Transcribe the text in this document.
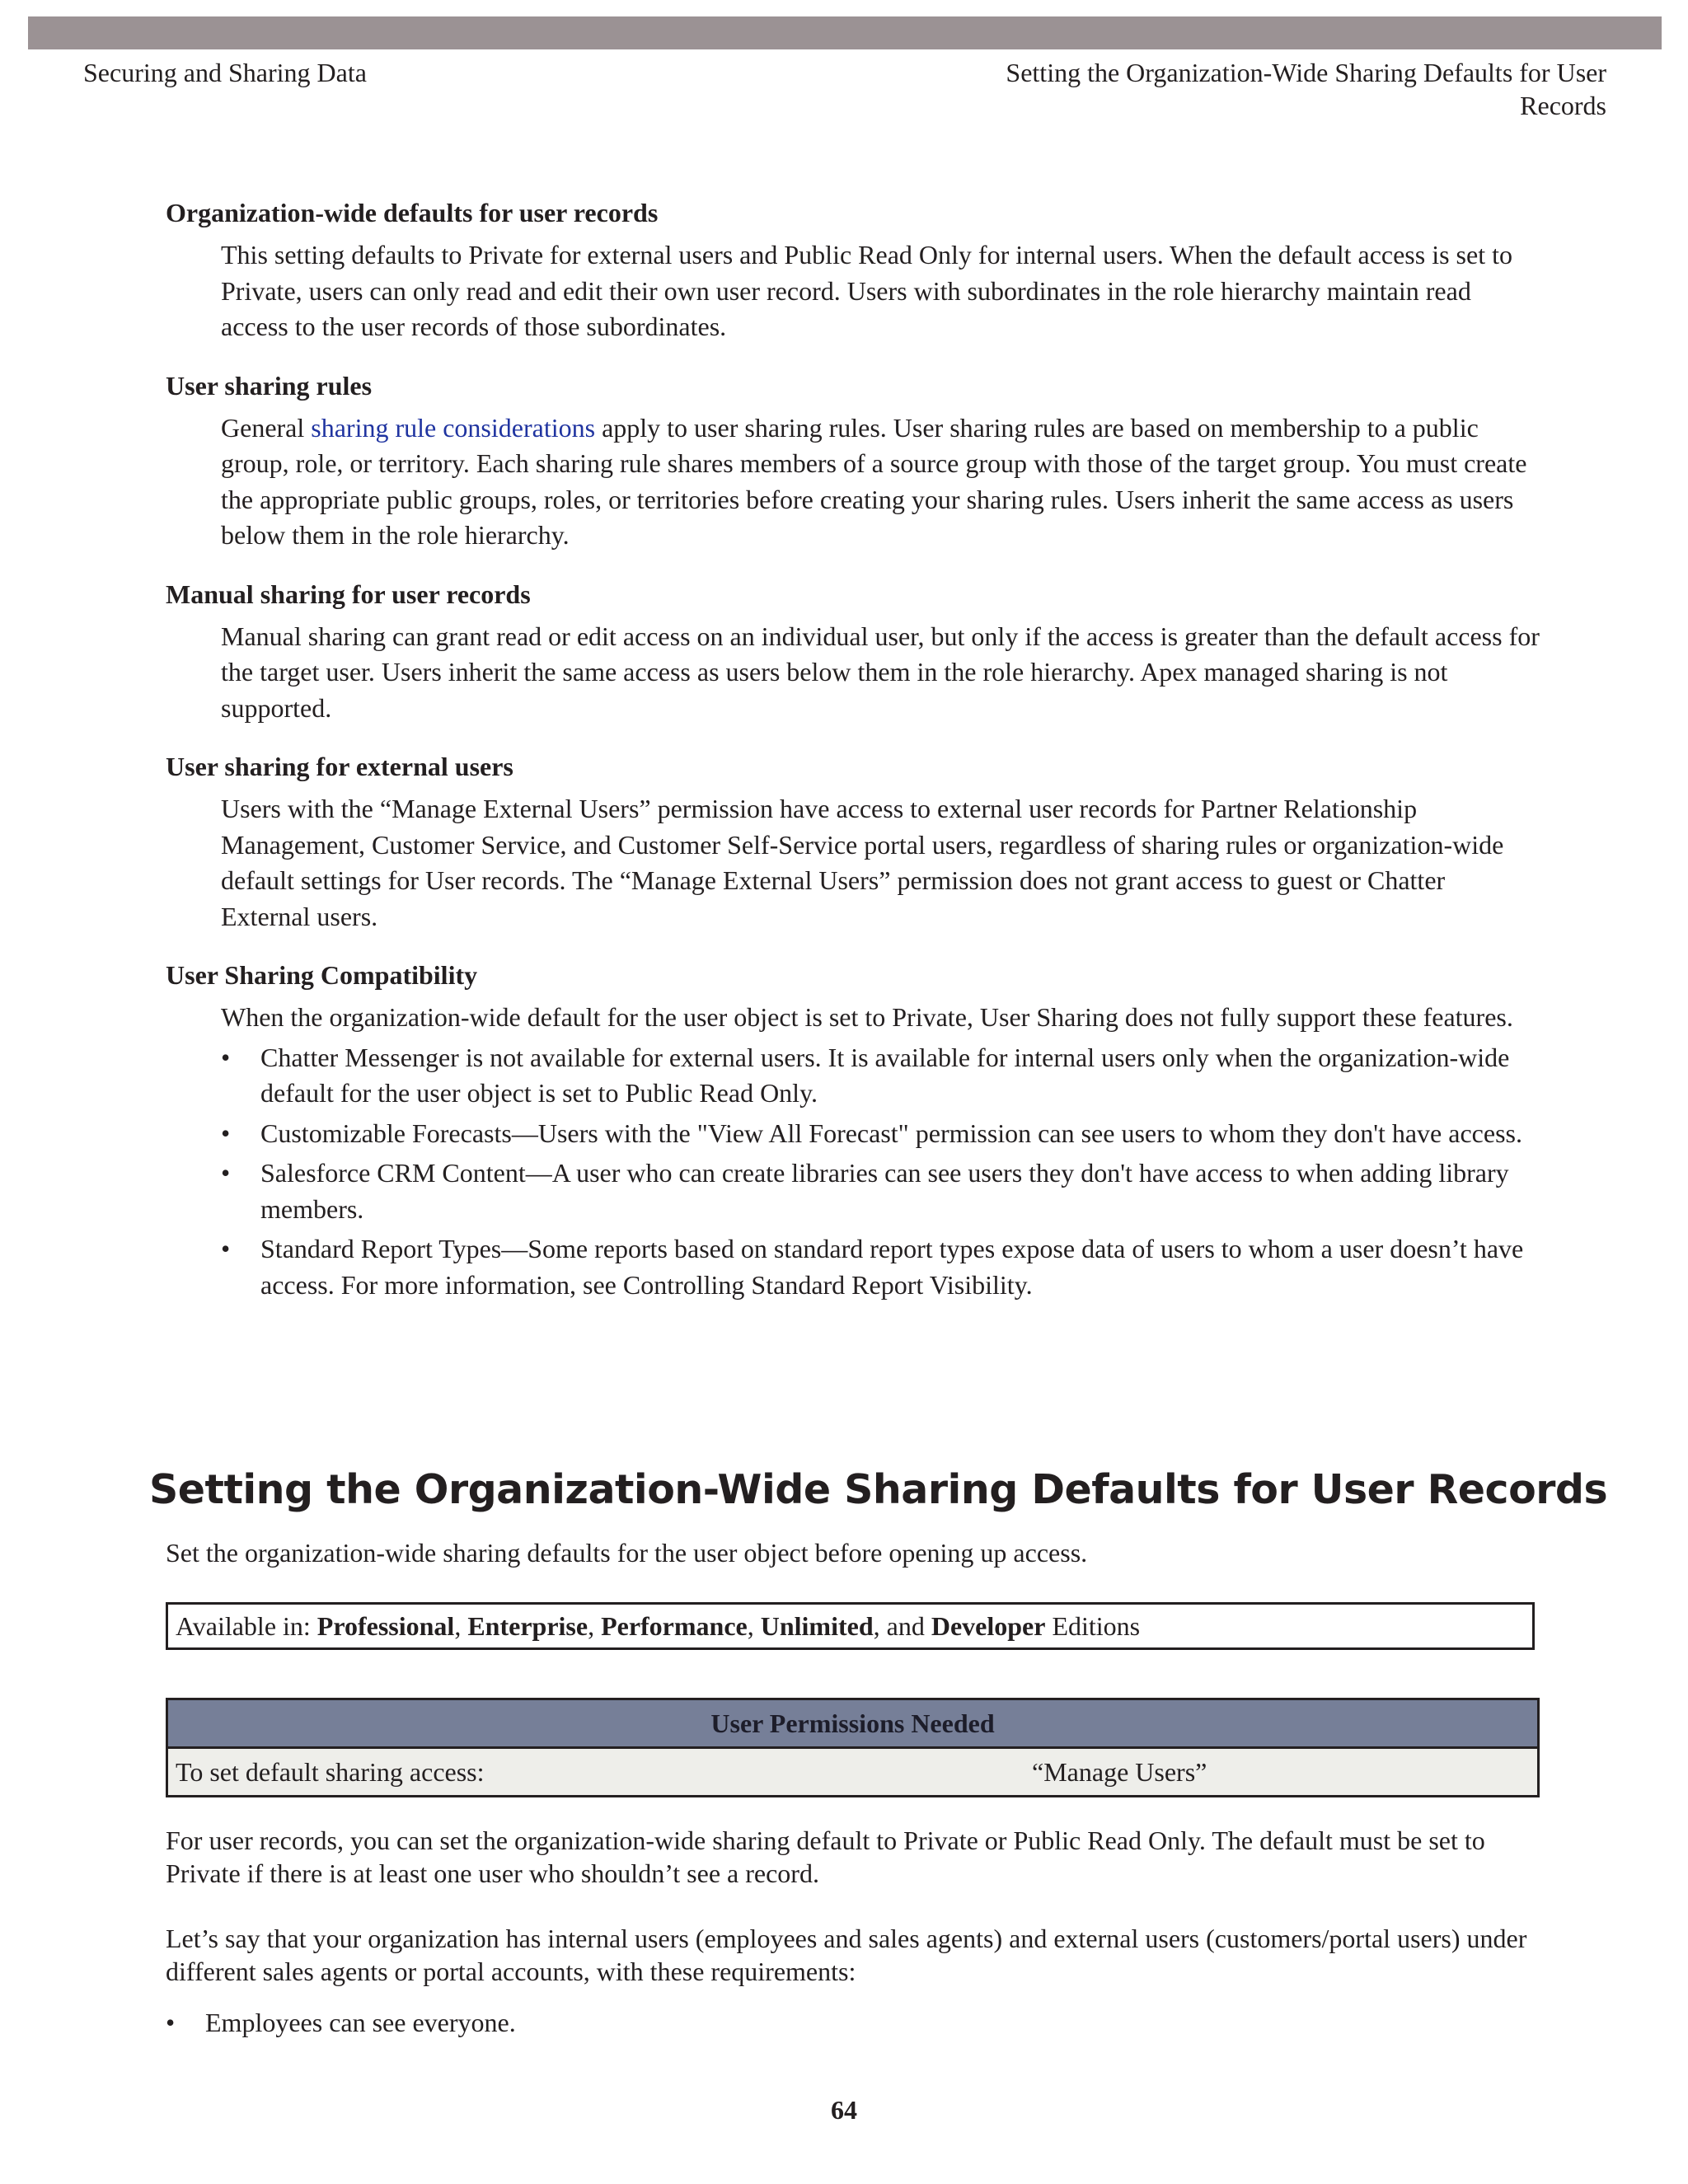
Securing and Sharing Data	Setting the Organization-Wide Sharing Defaults for User
Records
Organization-wide defaults for user records

This setting defaults to Private for external users and Public Read Only for internal users. When the default access is set to Private, users can only read and edit their own user record. Users with subordinates in the role hierarchy maintain read access to the user records of those subordinates.

User sharing rules

General sharing rule considerations apply to user sharing rules. User sharing rules are based on membership to a public group, role, or territory. Each sharing rule shares members of a source group with those of the target group. You must create the appropriate public groups, roles, or territories before creating your sharing rules. Users inherit the same access as users below them in the role hierarchy.

Manual sharing for user records

Manual sharing can grant read or edit access on an individual user, but only if the access is greater than the default access for the target user. Users inherit the same access as users below them in the role hierarchy. Apex managed sharing is not supported.

User sharing for external users

Users with the “Manage External Users” permission have access to external user records for Partner Relationship Management, Customer Service, and Customer Self-Service portal users, regardless of sharing rules or organization-wide default settings for User records. The “Manage External Users” permission does not grant access to guest or Chatter External users.

User Sharing Compatibility

When the organization-wide default for the user object is set to Private, User Sharing does not fully support these features.

• Chatter Messenger is not available for external users. It is available for internal users only when the organization-wide default for the user object is set to Public Read Only.
• Customizable Forecasts—Users with the "View All Forecast" permission can see users to whom they don't have access.
• Salesforce CRM Content—A user who can create libraries can see users they don't have access to when adding library members.
• Standard Report Types—Some reports based on standard report types expose data of users to whom a user doesn’t have access. For more information, see Controlling Standard Report Visibility.
Setting the Organization-Wide Sharing Defaults for User Records
Set the organization-wide sharing defaults for the user object before opening up access.
Available in: Professional, Enterprise, Performance, Unlimited, and Developer Editions
User Permissions Needed
To set default sharing access:	“Manage Users”

For user records, you can set the organization-wide sharing default to Private or Public Read Only. The default must be set to Private if there is at least one user who shouldn’t see a record.

Let’s say that your organization has internal users (employees and sales agents) and external users (customers/portal users) under different sales agents or portal accounts, with these requirements:

• Employees can see everyone.
64
